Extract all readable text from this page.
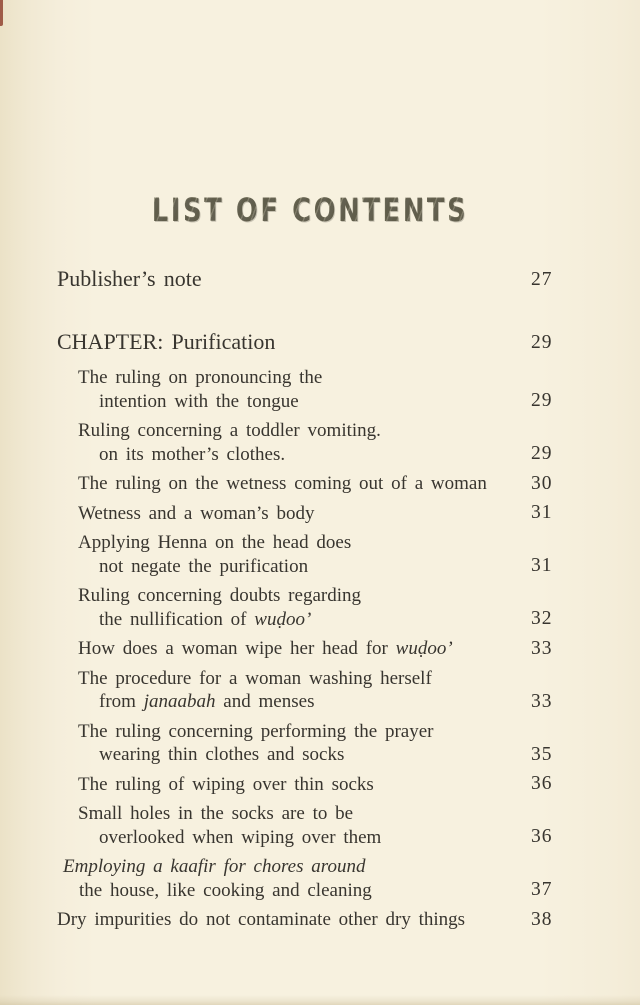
LIST OF CONTENTS
Publisher’s note	27
CHAPTER: Purification	29
The ruling on pronouncing the
intention with the tongue	29
Ruling concerning a toddler vomiting.
on its mother’s clothes.	29
The ruling on the wetness coming out of a woman	30
Wetness and a woman’s body	31
Applying Henna on the head does
not negate the purification	31
Ruling concerning doubts regarding
the nullification of wuḍoo’	32
How does a woman wipe her head for wuḍoo’	33
The procedure for a woman washing herself
from janaabah and menses	33
The ruling concerning performing the prayer
wearing thin clothes and socks	35
The ruling of wiping over thin socks	36
Small holes in the socks are to be
overlooked when wiping over them	36
Employing a kaafir for chores around
the house, like cooking and cleaning	37
Dry impurities do not contaminate other dry things	38
